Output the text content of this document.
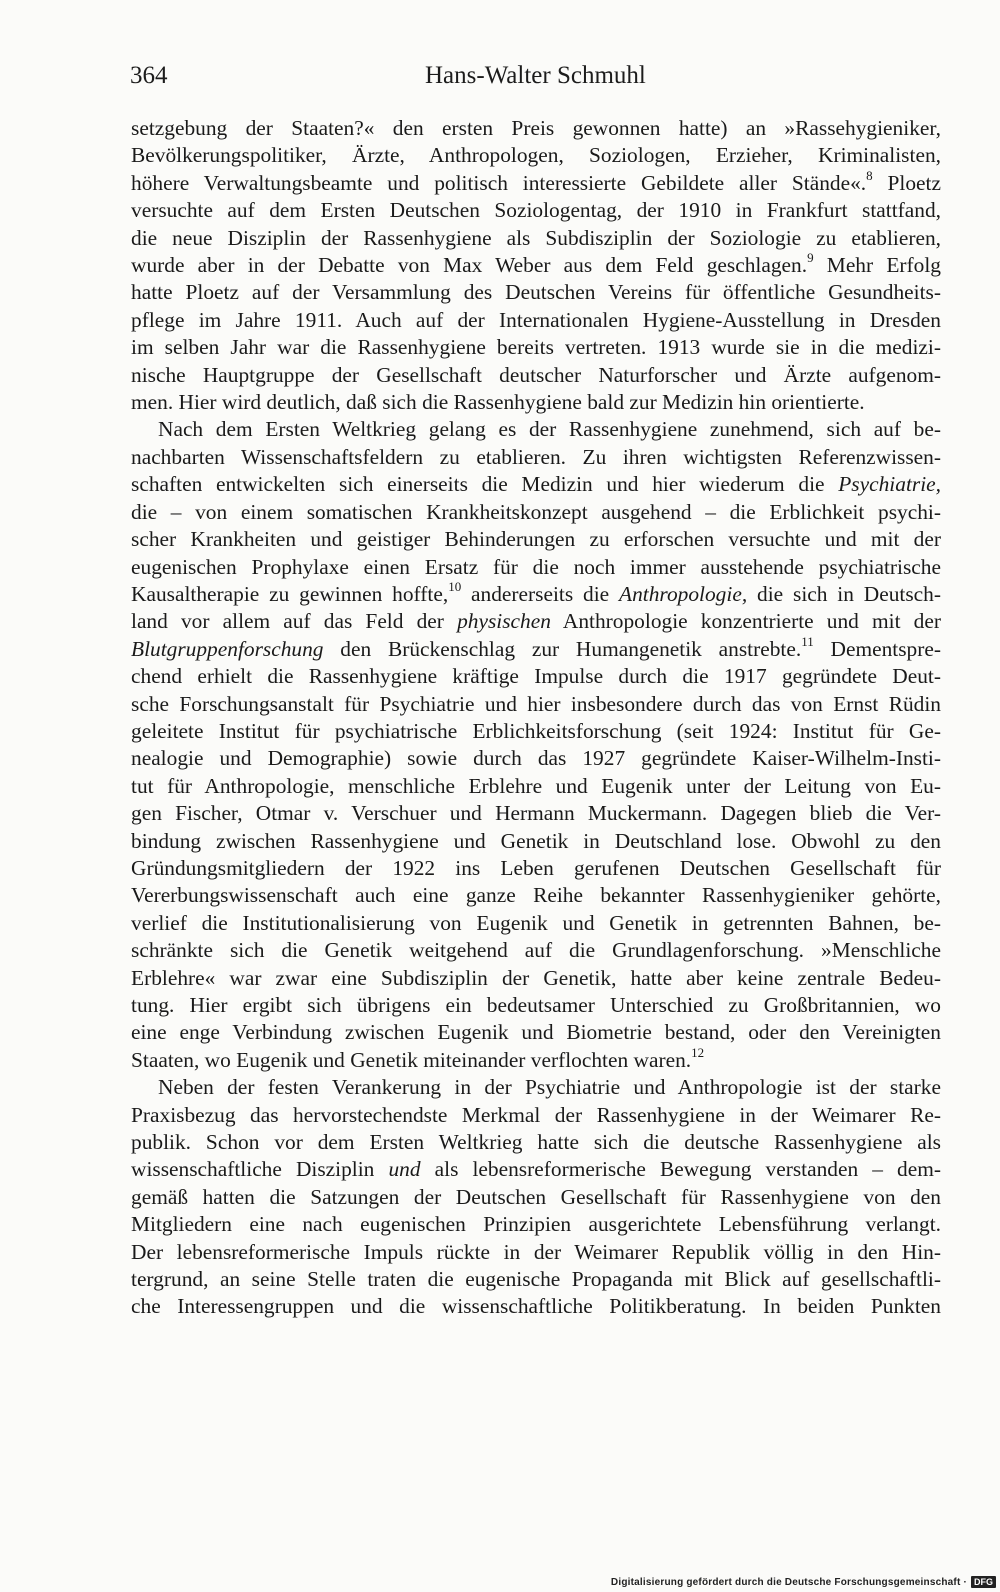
364	Hans-Walter Schmuhl
setzgebung der Staaten?« den ersten Preis gewonnen hatte) an »Rassehygieniker,
Bevölkerungspolitiker, Ärzte, Anthropologen, Soziologen, Erzieher, Kriminalisten,
höhere Verwaltungsbeamte und politisch interessierte Gebildete aller Stände«.$^8$ Ploetz
versuchte auf dem Ersten Deutschen Soziologentag, der 1910 in Frankfurt stattfand,
die neue Disziplin der Rassenhygiene als Subdisziplin der Soziologie zu etablieren,
wurde aber in der Debatte von Max Weber aus dem Feld geschlagen.$^9$ Mehr Erfolg
hatte Ploetz auf der Versammlung des Deutschen Vereins für öffentliche Gesundheits-
pflege im Jahre 1911. Auch auf der Internationalen Hygiene-Ausstellung in Dresden
im selben Jahr war die Rassenhygiene bereits vertreten. 1913 wurde sie in die medizi-
nische Hauptgruppe der Gesellschaft deutscher Naturforscher und Ärzte aufgenom-
men. Hier wird deutlich, daß sich die Rassenhygiene bald zur Medizin hin orientierte.
Nach dem Ersten Weltkrieg gelang es der Rassenhygiene zunehmend, sich auf be-
nachbarten Wissenschaftsfeldern zu etablieren. Zu ihren wichtigsten Referenzwissen-
schaften entwickelten sich einerseits die Medizin und hier wiederum die Psychiatrie,
die – von einem somatischen Krankheitskonzept ausgehend – die Erblichkeit psychi-
scher Krankheiten und geistiger Behinderungen zu erforschen versuchte und mit der
eugenischen Prophylaxe einen Ersatz für die noch immer ausstehende psychiatrische
Kausaltherapie zu gewinnen hoffte,$^{10}$ andererseits die Anthropologie, die sich in Deutsch-
land vor allem auf das Feld der physischen Anthropologie konzentrierte und mit der
Blutgruppenforschung den Brückenschlag zur Humangenetik anstrebte.$^{11}$ Dementspre-
chend erhielt die Rassenhygiene kräftige Impulse durch die 1917 gegründete Deut-
sche Forschungsanstalt für Psychiatrie und hier insbesondere durch das von Ernst Rüdin
geleitete Institut für psychiatrische Erblichkeitsforschung (seit 1924: Institut für Ge-
nealogie und Demographie) sowie durch das 1927 gegründete Kaiser-Wilhelm-Insti-
tut für Anthropologie, menschliche Erblehre und Eugenik unter der Leitung von Eu-
gen Fischer, Otmar v. Verschuer und Hermann Muckermann. Dagegen blieb die Ver-
bindung zwischen Rassenhygiene und Genetik in Deutschland lose. Obwohl zu den
Gründungsmitgliedern der 1922 ins Leben gerufenen Deutschen Gesellschaft für
Vererbungswissenschaft auch eine ganze Reihe bekannter Rassenhygieniker gehörte,
verlief die Institutionalisierung von Eugenik und Genetik in getrennten Bahnen, be-
schränkte sich die Genetik weitgehend auf die Grundlagenforschung. »Menschliche
Erblehre« war zwar eine Subdisziplin der Genetik, hatte aber keine zentrale Bedeu-
tung. Hier ergibt sich übrigens ein bedeutsamer Unterschied zu Großbritannien, wo
eine enge Verbindung zwischen Eugenik und Biometrie bestand, oder den Vereinigten
Staaten, wo Eugenik und Genetik miteinander verflochten waren.$^{12}$
Neben der festen Verankerung in der Psychiatrie und Anthropologie ist der starke
Praxisbezug das hervorstechendste Merkmal der Rassenhygiene in der Weimarer Re-
publik. Schon vor dem Ersten Weltkrieg hatte sich die deutsche Rassenhygiene als
wissenschaftliche Disziplin und als lebensreformerische Bewegung verstanden – dem-
gemäß hatten die Satzungen der Deutschen Gesellschaft für Rassenhygiene von den
Mitgliedern eine nach eugenischen Prinzipien ausgerichtete Lebensführung verlangt.
Der lebensreformerische Impuls rückte in der Weimarer Republik völlig in den Hin-
tergrund, an seine Stelle traten die eugenische Propaganda mit Blick auf gesellschaftli-
che Interessengruppen und die wissenschaftliche Politikberatung. In beiden Punkten
Digitalisierung gefördert durch die Deutsche Forschungsgemeinschaft · DFG
